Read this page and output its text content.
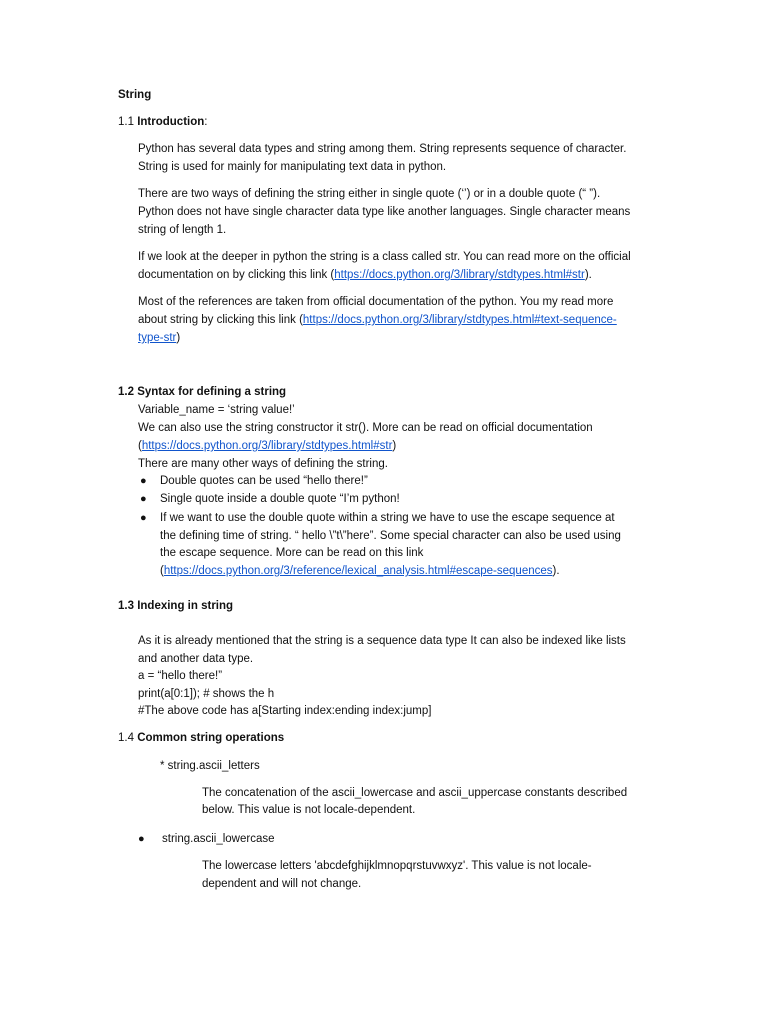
String
1.1 Introduction:
Python has several data types and string among them. String represents sequence of character.
String is used for mainly for manipulating text data in python.
There are two ways of defining the string either in single quote (‘’) or in a double quote (“ ”).
Python does not have single character data type like another languages. Single character means
string of length 1.
If we look at the deeper in python the string is a class called str. You can read more on the official
documentation on by clicking this link (https://docs.python.org/3/library/stdtypes.html#str).
Most of the references are taken from official documentation of the python. You my read more
about string by clicking this link (https://docs.python.org/3/library/stdtypes.html#text-sequence-
type-str)
1.2 Syntax for defining a string
Variable_name = ‘string value!’
We can also use the string constructor it str(). More can be read on official documentation
(https://docs.python.org/3/library/stdtypes.html#str)
There are many other ways of defining the string.
● Double quotes can be used “hello there!”
● Single quote inside a double quote “I’m python!
● If we want to use the double quote within a string we have to use the escape sequence at
the defining time of string. “ hello \”t\”here”. Some special character can also be used using
the escape sequence. More can be read on this link
(https://docs.python.org/3/reference/lexical_analysis.html#escape-sequences).
1.3 Indexing in string
As it is already mentioned that the string is a sequence data type It can also be indexed like lists
and another data type.
a = “hello there!”
print(a[0:1]); # shows the h
#The above code has a[Starting index:ending index:jump]
1.4 Common string operations
* string.ascii_letters
The concatenation of the ascii_lowercase and ascii_uppercase constants described
below. This value is not locale-dependent.
● string.ascii_lowercase
The lowercase letters 'abcdefghijklmnopqrstuvwxyz'. This value is not locale-
dependent and will not change.
